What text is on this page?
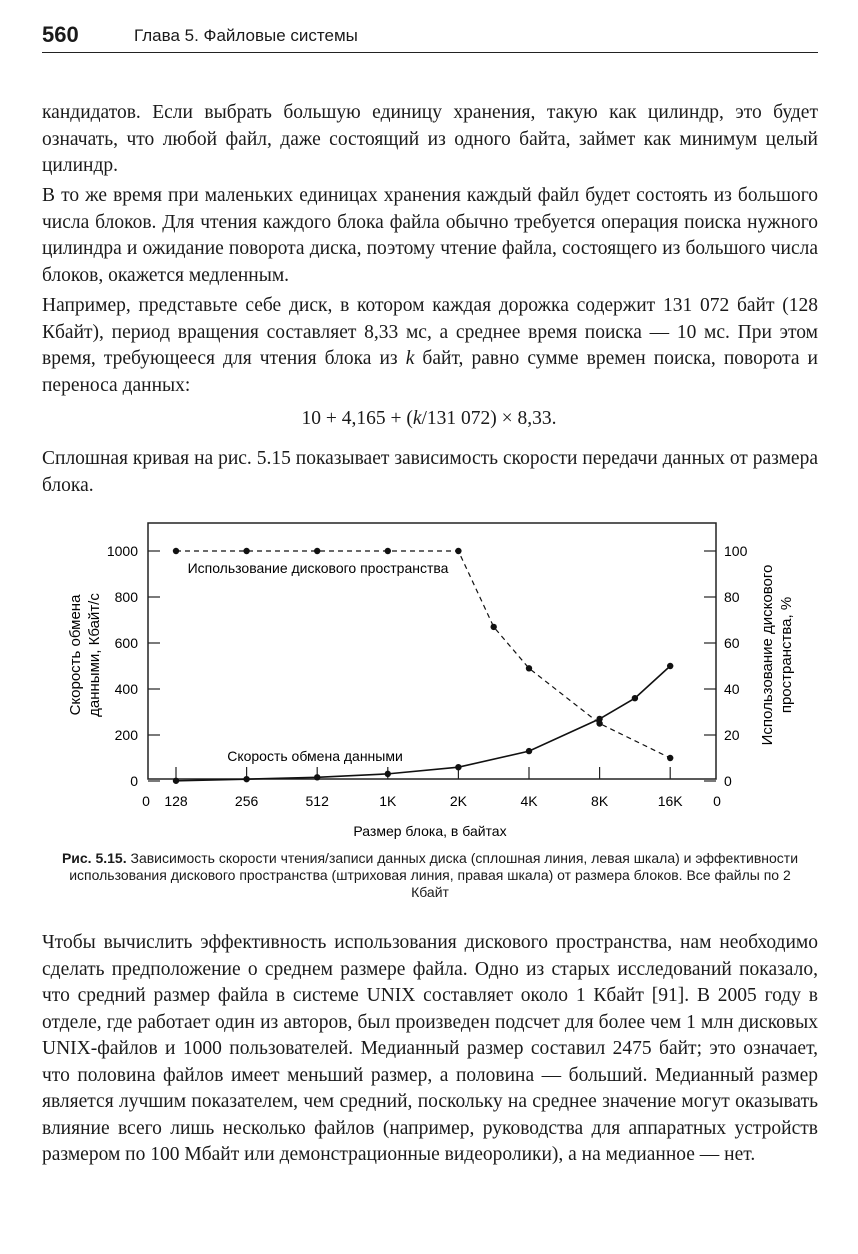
560	Глава 5. Файловые системы

кандидатов. Если выбрать большую единицу хранения, такую как цилиндр, это будет означать, что любой файл, даже состоящий из одного байта, займет как минимум целый цилиндр.

В то же время при маленьких единицах хранения каждый файл будет состоять из большого числа блоков. Для чтения каждого блока файла обычно требуется операция поиска нужного цилиндра и ожидание поворота диска, поэтому чтение файла, состоящего из большого числа блоков, окажется медленным.

Например, представьте себе диск, в котором каждая дорожка содержит 131 072 байт (128 Кбайт), период вращения составляет 8,33 мс, а среднее время поиска — 10 мс. При этом время, требующееся для чтения блока из k байт, равно сумме времен поиска, поворота и переноса данных:

10 + 4,165 + (k/131 072) × 8,33.

Сплошная кривая на рис. 5.15 показывает зависимость скорости передачи данных от размера блока.

0
200
400
600
800
1000
0
20
40
60
80
100
128	256	512	1K	2K	4K	8K	16K
Использование дискового пространства
Скорость обмена данными
Размер блока, в байтах
0	0
Скорость обмена данными, Кбайт/с	Использование дискового пространства, %
Рис. 5.15. Зависимость скорости чтения/записи данных диска (сплошная линия, левая шкала) и эффективности использования дискового пространства (штриховая линия, правая шкала) от размера блоков. Все файлы по 2 Кбайт

Чтобы вычислить эффективность использования дискового пространства, нам необходимо сделать предположение о среднем размере файла. Одно из старых исследований показало, что средний размер файла в системе UNIX составляет около 1 Кбайт [91]. В 2005 году в отделе, где работает один из авторов, был произведен подсчет для более чем 1 млн дисковых UNIX-файлов и 1000 пользователей. Медианный размер составил 2475 байт; это означает, что половина файлов имеет меньший размер, а половина — больший. Медианный размер является лучшим показателем, чем средний, поскольку на среднее значение могут оказывать влияние всего лишь несколько файлов (например, руководства для аппаратных устройств размером по 100 Мбайт или демонстрационные видеоролики), а на медианное — нет.
